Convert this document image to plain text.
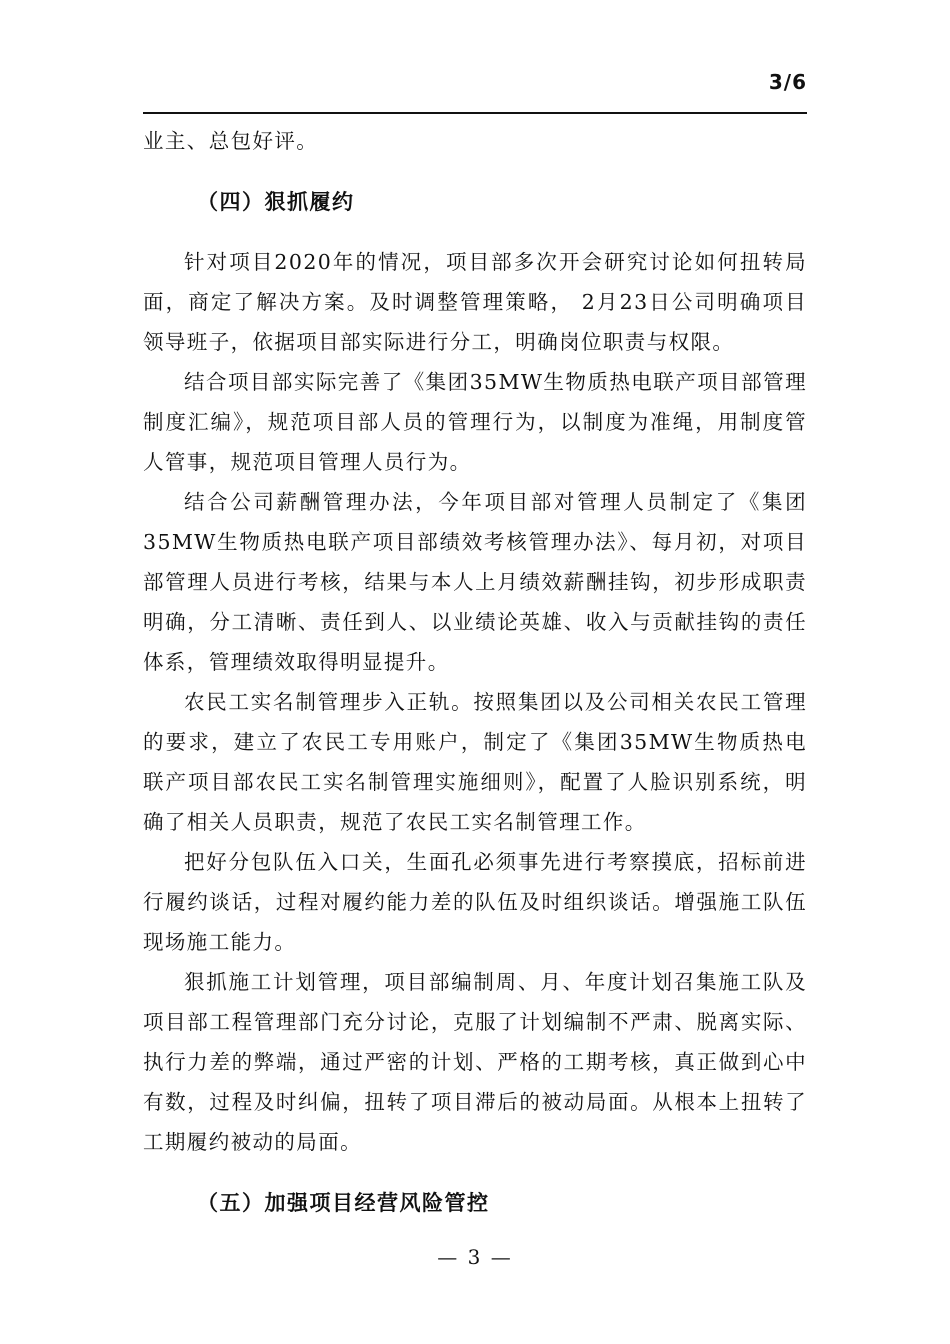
3/6

业主、总包好评。

（四）狠抓履约

针对项目2020年的情况，项目部多次开会研究讨论如何扭转局面，商定了解决方案。及时调整管理策略， 2月23日公司明确项目领导班子，依据项目部实际进行分工，明确岗位职责与权限。

结合项目部实际完善了《集团35MW生物质热电联产项目部管理制度汇编》，规范项目部人员的管理行为，以制度为准绳，用制度管人管事，规范项目管理人员行为。

结合公司薪酬管理办法，今年项目部对管理人员制定了《集团35MW生物质热电联产项目部绩效考核管理办法》、每月初，对项目部管理人员进行考核，结果与本人上月绩效薪酬挂钩，初步形成职责明确，分工清晰、责任到人、以业绩论英雄、收入与贡献挂钩的责任体系，管理绩效取得明显提升。

农民工实名制管理步入正轨。按照集团以及公司相关农民工管理的要求，建立了农民工专用账户，制定了《集团35MW生物质热电联产项目部农民工实名制管理实施细则》，配置了人脸识别系统，明确了相关人员职责，规范了农民工实名制管理工作。

把好分包队伍入口关，生面孔必须事先进行考察摸底，招标前进行履约谈话，过程对履约能力差的队伍及时组织谈话。增强施工队伍现场施工能力。

狠抓施工计划管理，项目部编制周、月、年度计划召集施工队及项目部工程管理部门充分讨论，克服了计划编制不严肃、脱离实际、执行力差的弊端，通过严密的计划、严格的工期考核，真正做到心中有数，过程及时纠偏，扭转了项目滞后的被动局面。从根本上扭转了工期履约被动的局面。

（五）加强项目经营风险管控
— 3 —
